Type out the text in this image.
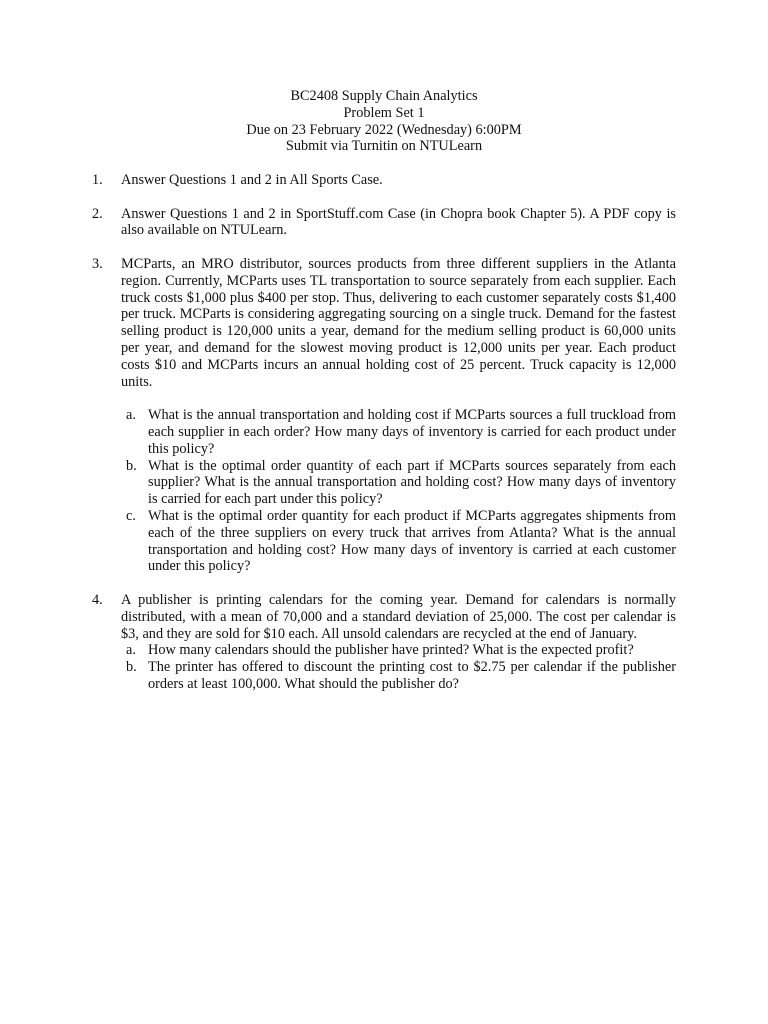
BC2408 Supply Chain Analytics
Problem Set 1
Due on 23 February 2022 (Wednesday) 6:00PM
Submit via Turnitin on NTULearn
1. Answer Questions 1 and 2 in All Sports Case.
2. Answer Questions 1 and 2 in SportStuff.com Case (in Chopra book Chapter 5). A PDF copy is also available on NTULearn.
3. MCParts, an MRO distributor, sources products from three different suppliers in the Atlanta region. Currently, MCParts uses TL transportation to source separately from each supplier. Each truck costs $1,000 plus $400 per stop. Thus, delivering to each customer separately costs $1,400 per truck. MCParts is considering aggregating sourcing on a single truck. Demand for the fastest selling product is 120,000 units a year, demand for the medium selling product is 60,000 units per year, and demand for the slowest moving product is 12,000 units per year. Each product costs $10 and MCParts incurs an annual holding cost of 25 percent. Truck capacity is 12,000 units.
a. What is the annual transportation and holding cost if MCParts sources a full truckload from each supplier in each order? How many days of inventory is carried for each product under this policy?
b. What is the optimal order quantity of each part if MCParts sources separately from each supplier? What is the annual transportation and holding cost? How many days of inventory is carried for each part under this policy?
c. What is the optimal order quantity for each product if MCParts aggregates shipments from each of the three suppliers on every truck that arrives from Atlanta? What is the annual transportation and holding cost? How many days of inventory is carried at each customer under this policy?
4. A publisher is printing calendars for the coming year. Demand for calendars is normally distributed, with a mean of 70,000 and a standard deviation of 25,000. The cost per calendar is $3, and they are sold for $10 each. All unsold calendars are recycled at the end of January.
a. How many calendars should the publisher have printed? What is the expected profit?
b. The printer has offered to discount the printing cost to $2.75 per calendar if the publisher orders at least 100,000. What should the publisher do?
